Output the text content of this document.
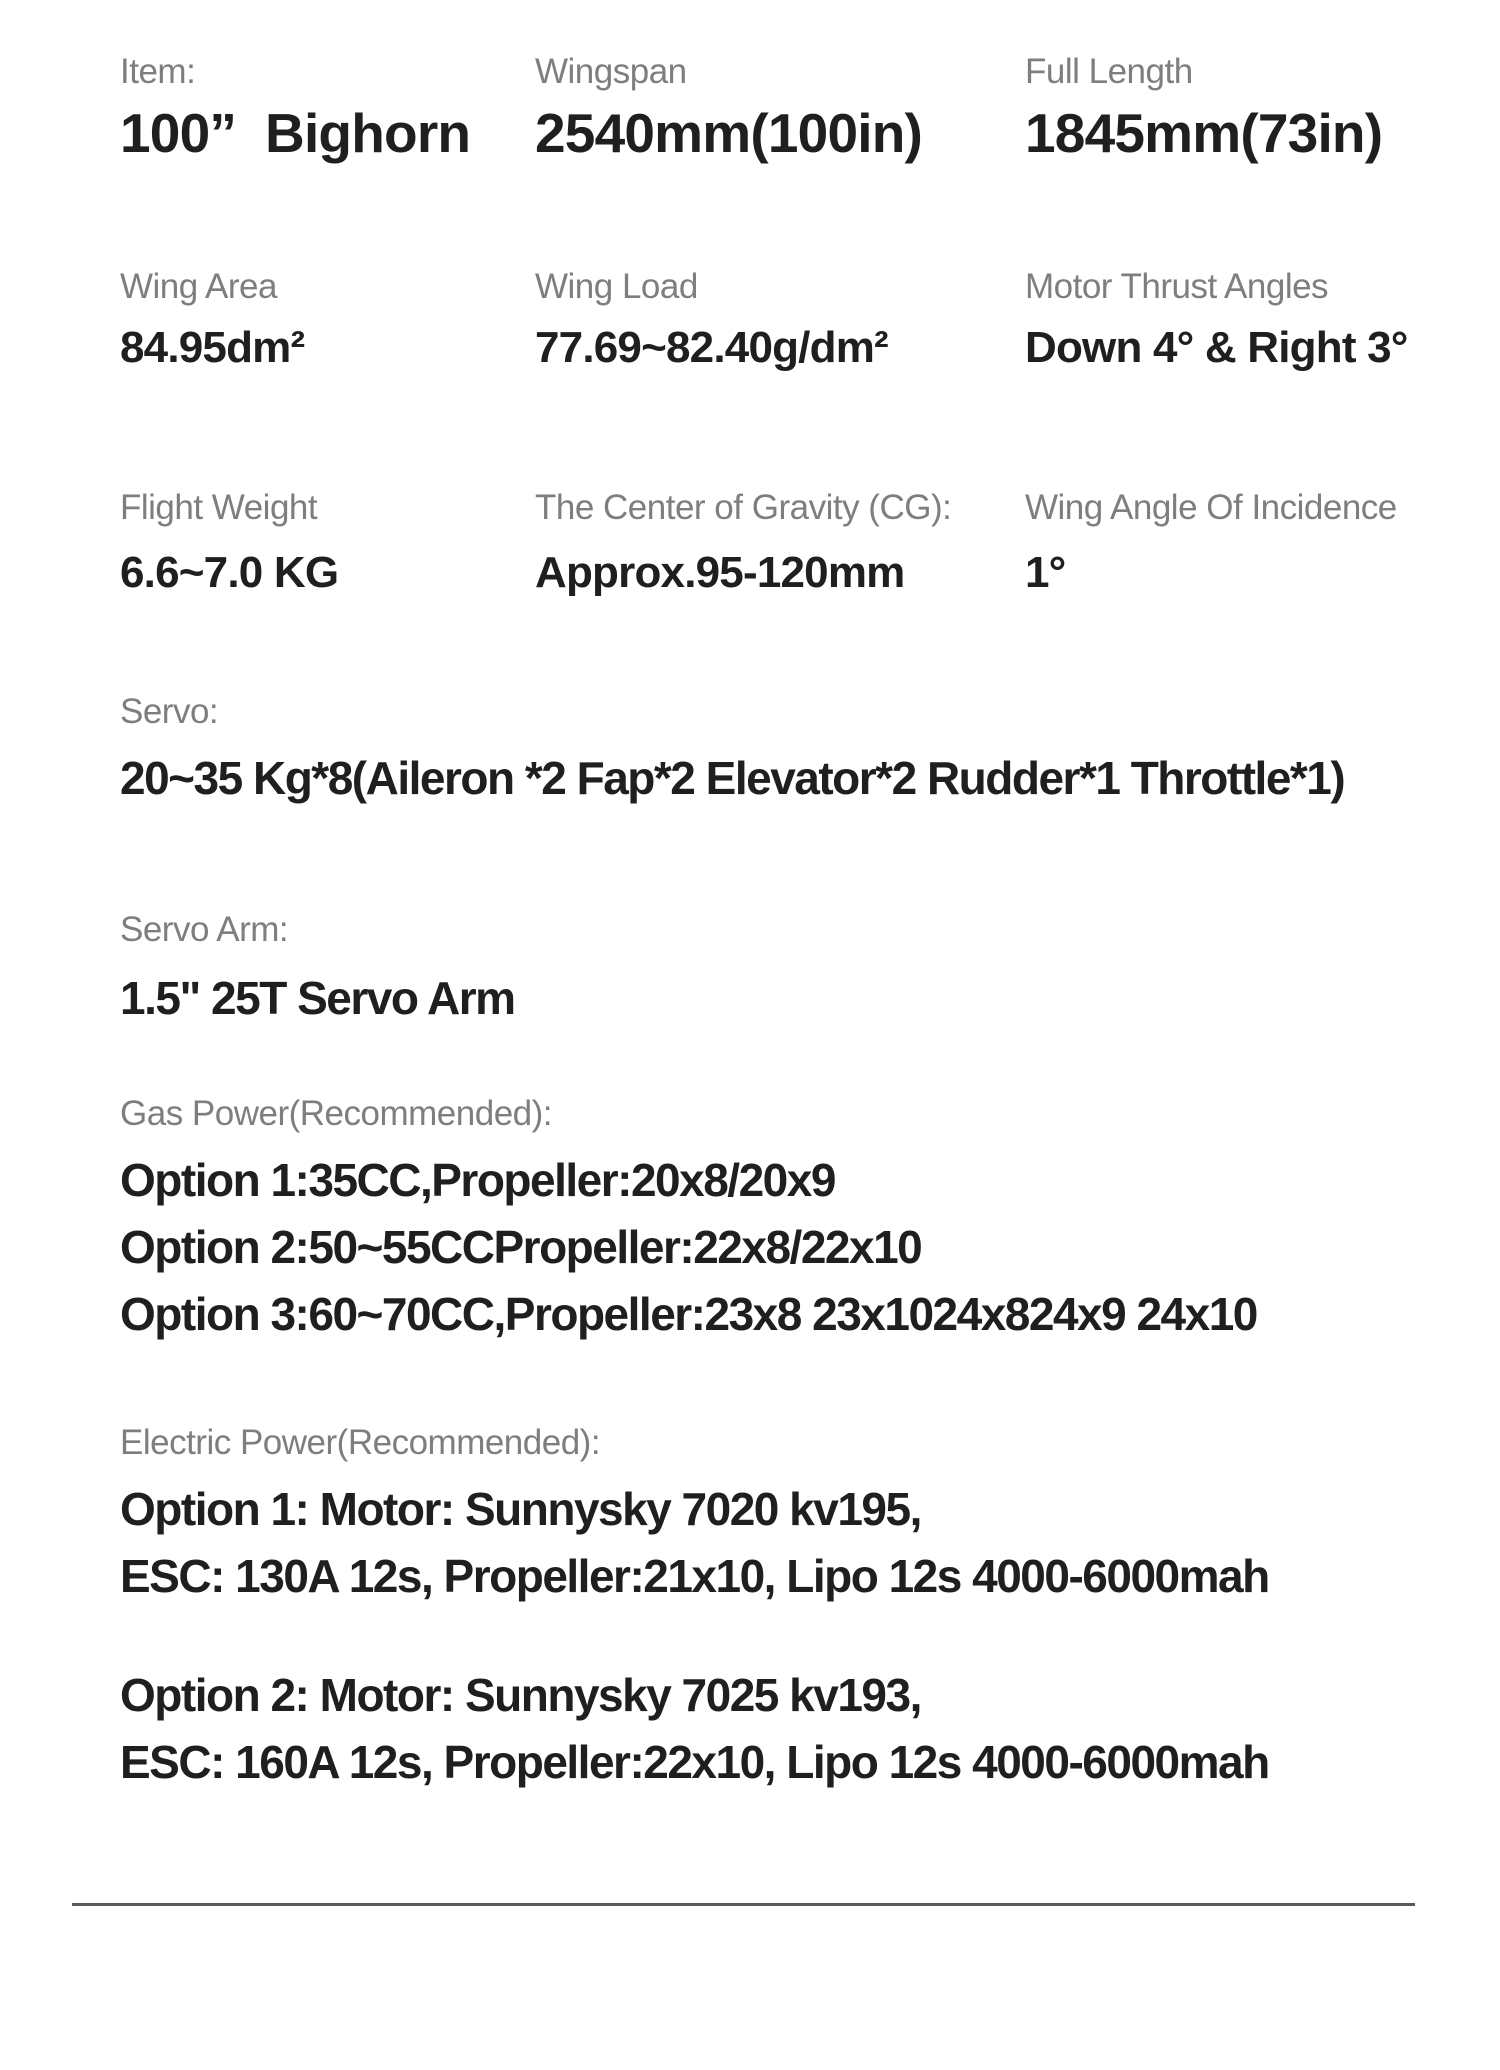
Item:
100”  Bighorn
Wingspan
2540mm(100in)
Full Length
1845mm(73in)
Wing Area
84.95dm²
Wing Load
77.69~82.40g/dm²
Motor Thrust Angles
Down 4° & Right 3°
Flight Weight
6.6~7.0 KG
The Center of Gravity (CG):
Approx.95-120mm
Wing Angle Of Incidence
1°
Servo:
20~35 Kg*8(Aileron *2 Fap*2 Elevator*2 Rudder*1 Throttle*1)
Servo Arm:
1.5" 25T Servo Arm
Gas Power(Recommended):
Option 1:35CC,Propeller:20x8/20x9
Option 2:50~55CCPropeller:22x8/22x10
Option 3:60~70CC,Propeller:23x8 23x1024x824x9 24x10
Electric Power(Recommended):
Option 1: Motor: Sunnysky 7020 kv195,
ESC: 130A 12s, Propeller:21x10, Lipo 12s 4000-6000mah
Option 2: Motor: Sunnysky 7025 kv193,
ESC: 160A 12s, Propeller:22x10, Lipo 12s 4000-6000mah
